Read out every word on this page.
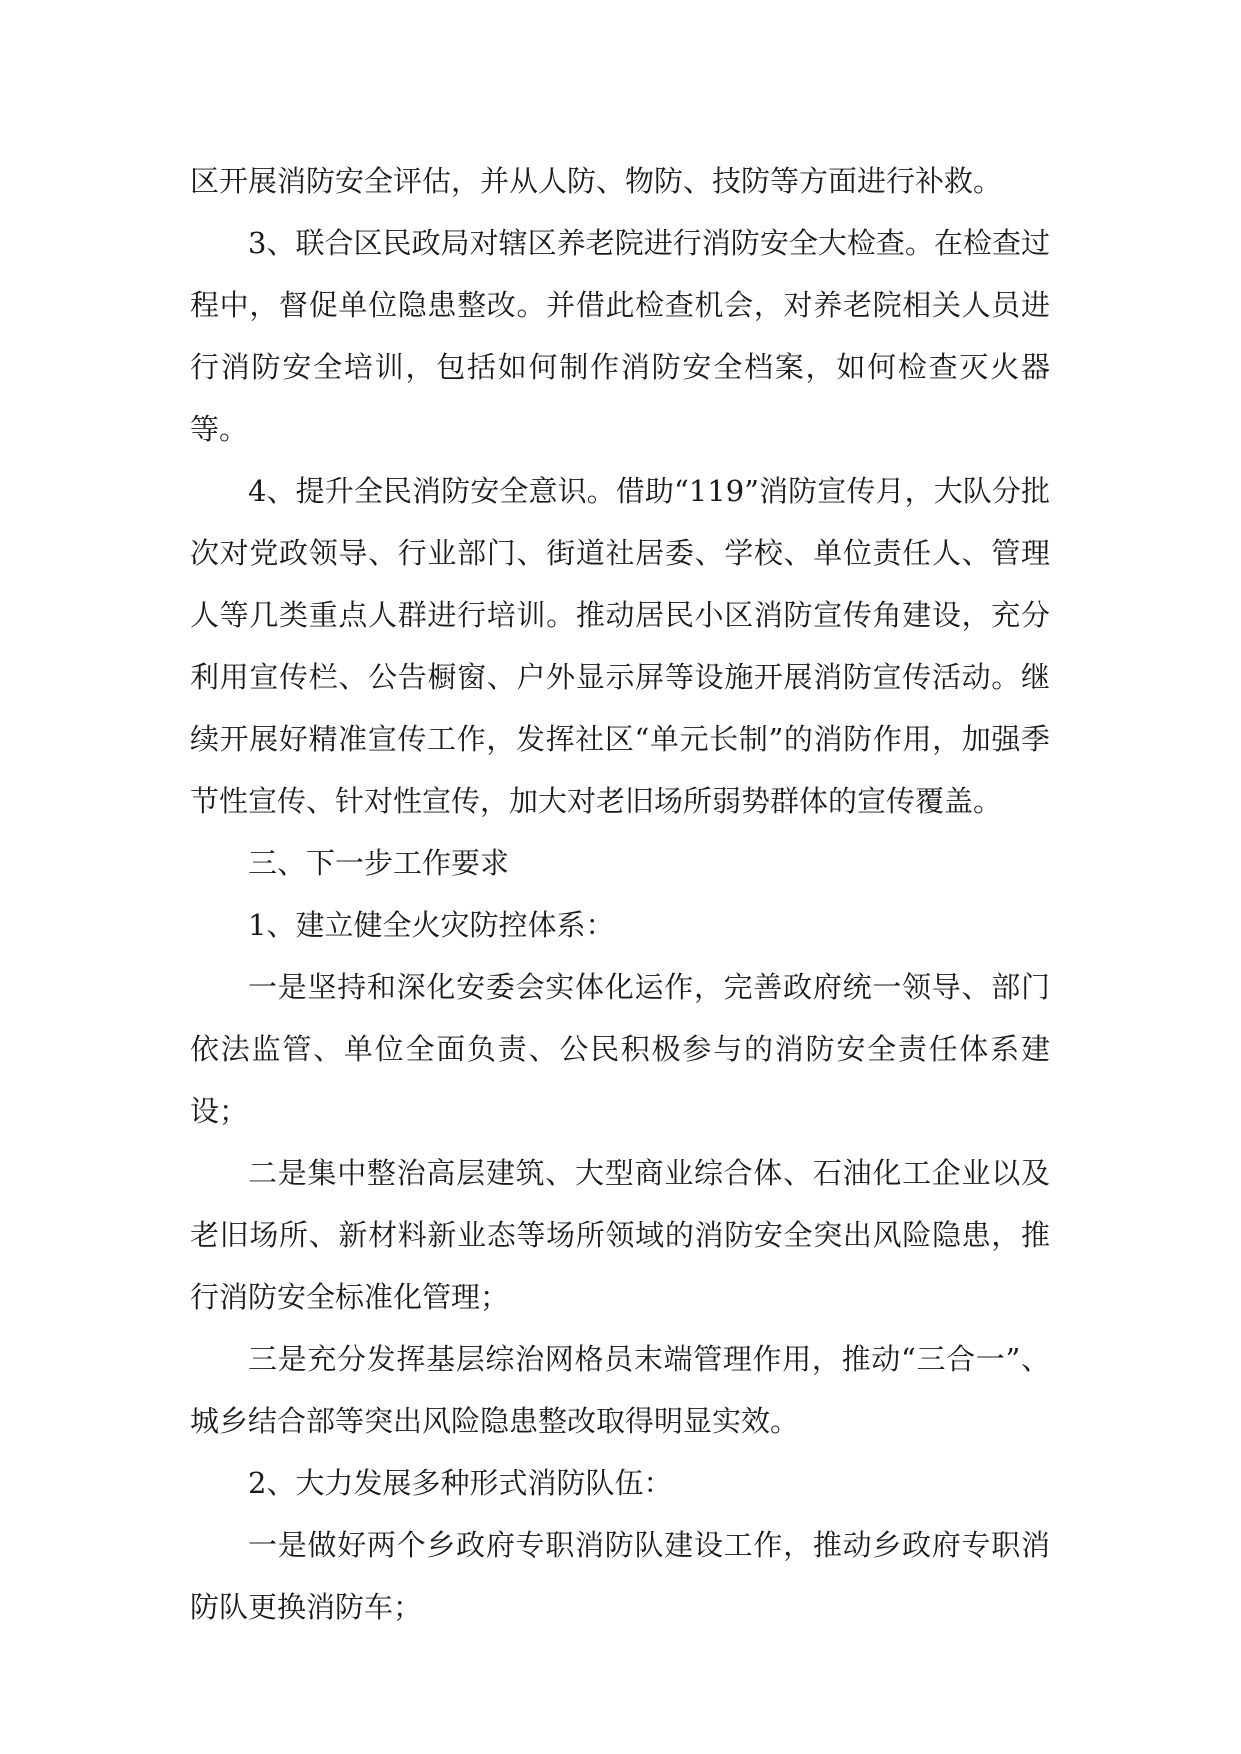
区开展消防安全评估，并从人防、物防、技防等方面进行补救。

3、联合区民政局对辖区养老院进行消防安全大检查。在检查过程中，督促单位隐患整改。并借此检查机会，对养老院相关人员进行消防安全培训，包括如何制作消防安全档案，如何检查灭火器等。

4、提升全民消防安全意识。借助“119”消防宣传月，大队分批次对党政领导、行业部门、街道社居委、学校、单位责任人、管理人等几类重点人群进行培训。推动居民小区消防宣传角建设，充分利用宣传栏、公告橱窗、户外显示屏等设施开展消防宣传活动。继续开展好精准宣传工作，发挥社区“单元长制”的消防作用，加强季节性宣传、针对性宣传，加大对老旧场所弱势群体的宣传覆盖。

三、下一步工作要求

1、建立健全火灾防控体系：

一是坚持和深化安委会实体化运作，完善政府统一领导、部门依法监管、单位全面负责、公民积极参与的消防安全责任体系建设；

二是集中整治高层建筑、大型商业综合体、石油化工企业以及老旧场所、新材料新业态等场所领域的消防安全突出风险隐患，推行消防安全标准化管理；

三是充分发挥基层综治网格员末端管理作用，推动“三合一”、城乡结合部等突出风险隐患整改取得明显实效。

2、大力发展多种形式消防队伍：

一是做好两个乡政府专职消防队建设工作，推动乡政府专职消防队更换消防车；
